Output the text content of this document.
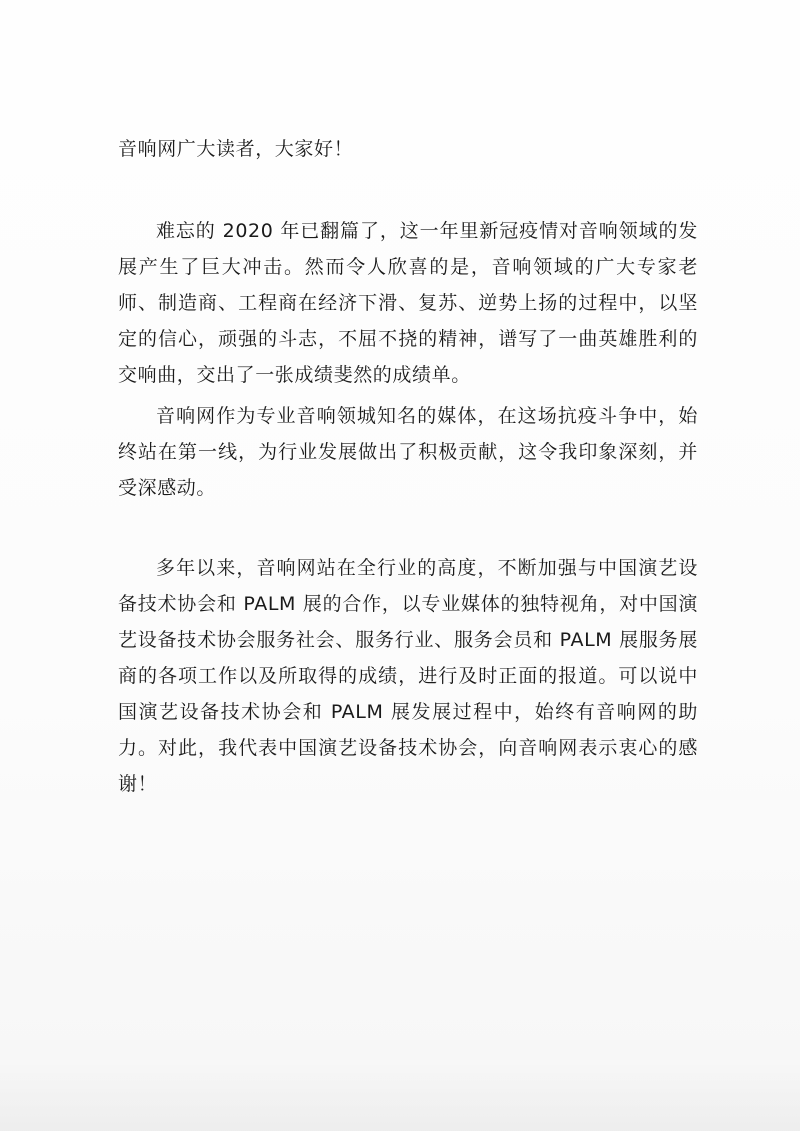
音响网广大读者，大家好！

难忘的 2020 年已翻篇了，这一年里新冠疫情对音响领域的发展产生了巨大冲击。然而令人欣喜的是，音响领域的广大专家老师、制造商、工程商在经济下滑、复苏、逆势上扬的过程中，以坚定的信心，顽强的斗志，不屈不挠的精神，谱写了一曲英雄胜利的交响曲，交出了一张成绩斐然的成绩单。

音响网作为专业音响领城知名的媒体，在这场抗疫斗争中，始终站在第一线，为行业发展做出了积极贡献，这令我印象深刻，并受深感动。

多年以来，音响网站在全行业的高度，不断加强与中国演艺设备技术协会和 PALM 展的合作，以专业媒体的独特视角，对中国演艺设备技术协会服务社会、服务行业、服务会员和 PALM 展服务展商的各项工作以及所取得的成绩，进行及时正面的报道。可以说中国演艺设备技术协会和 PALM 展发展过程中，始终有音响网的助力。对此，我代表中国演艺设备技术协会，向音响网表示衷心的感谢！
